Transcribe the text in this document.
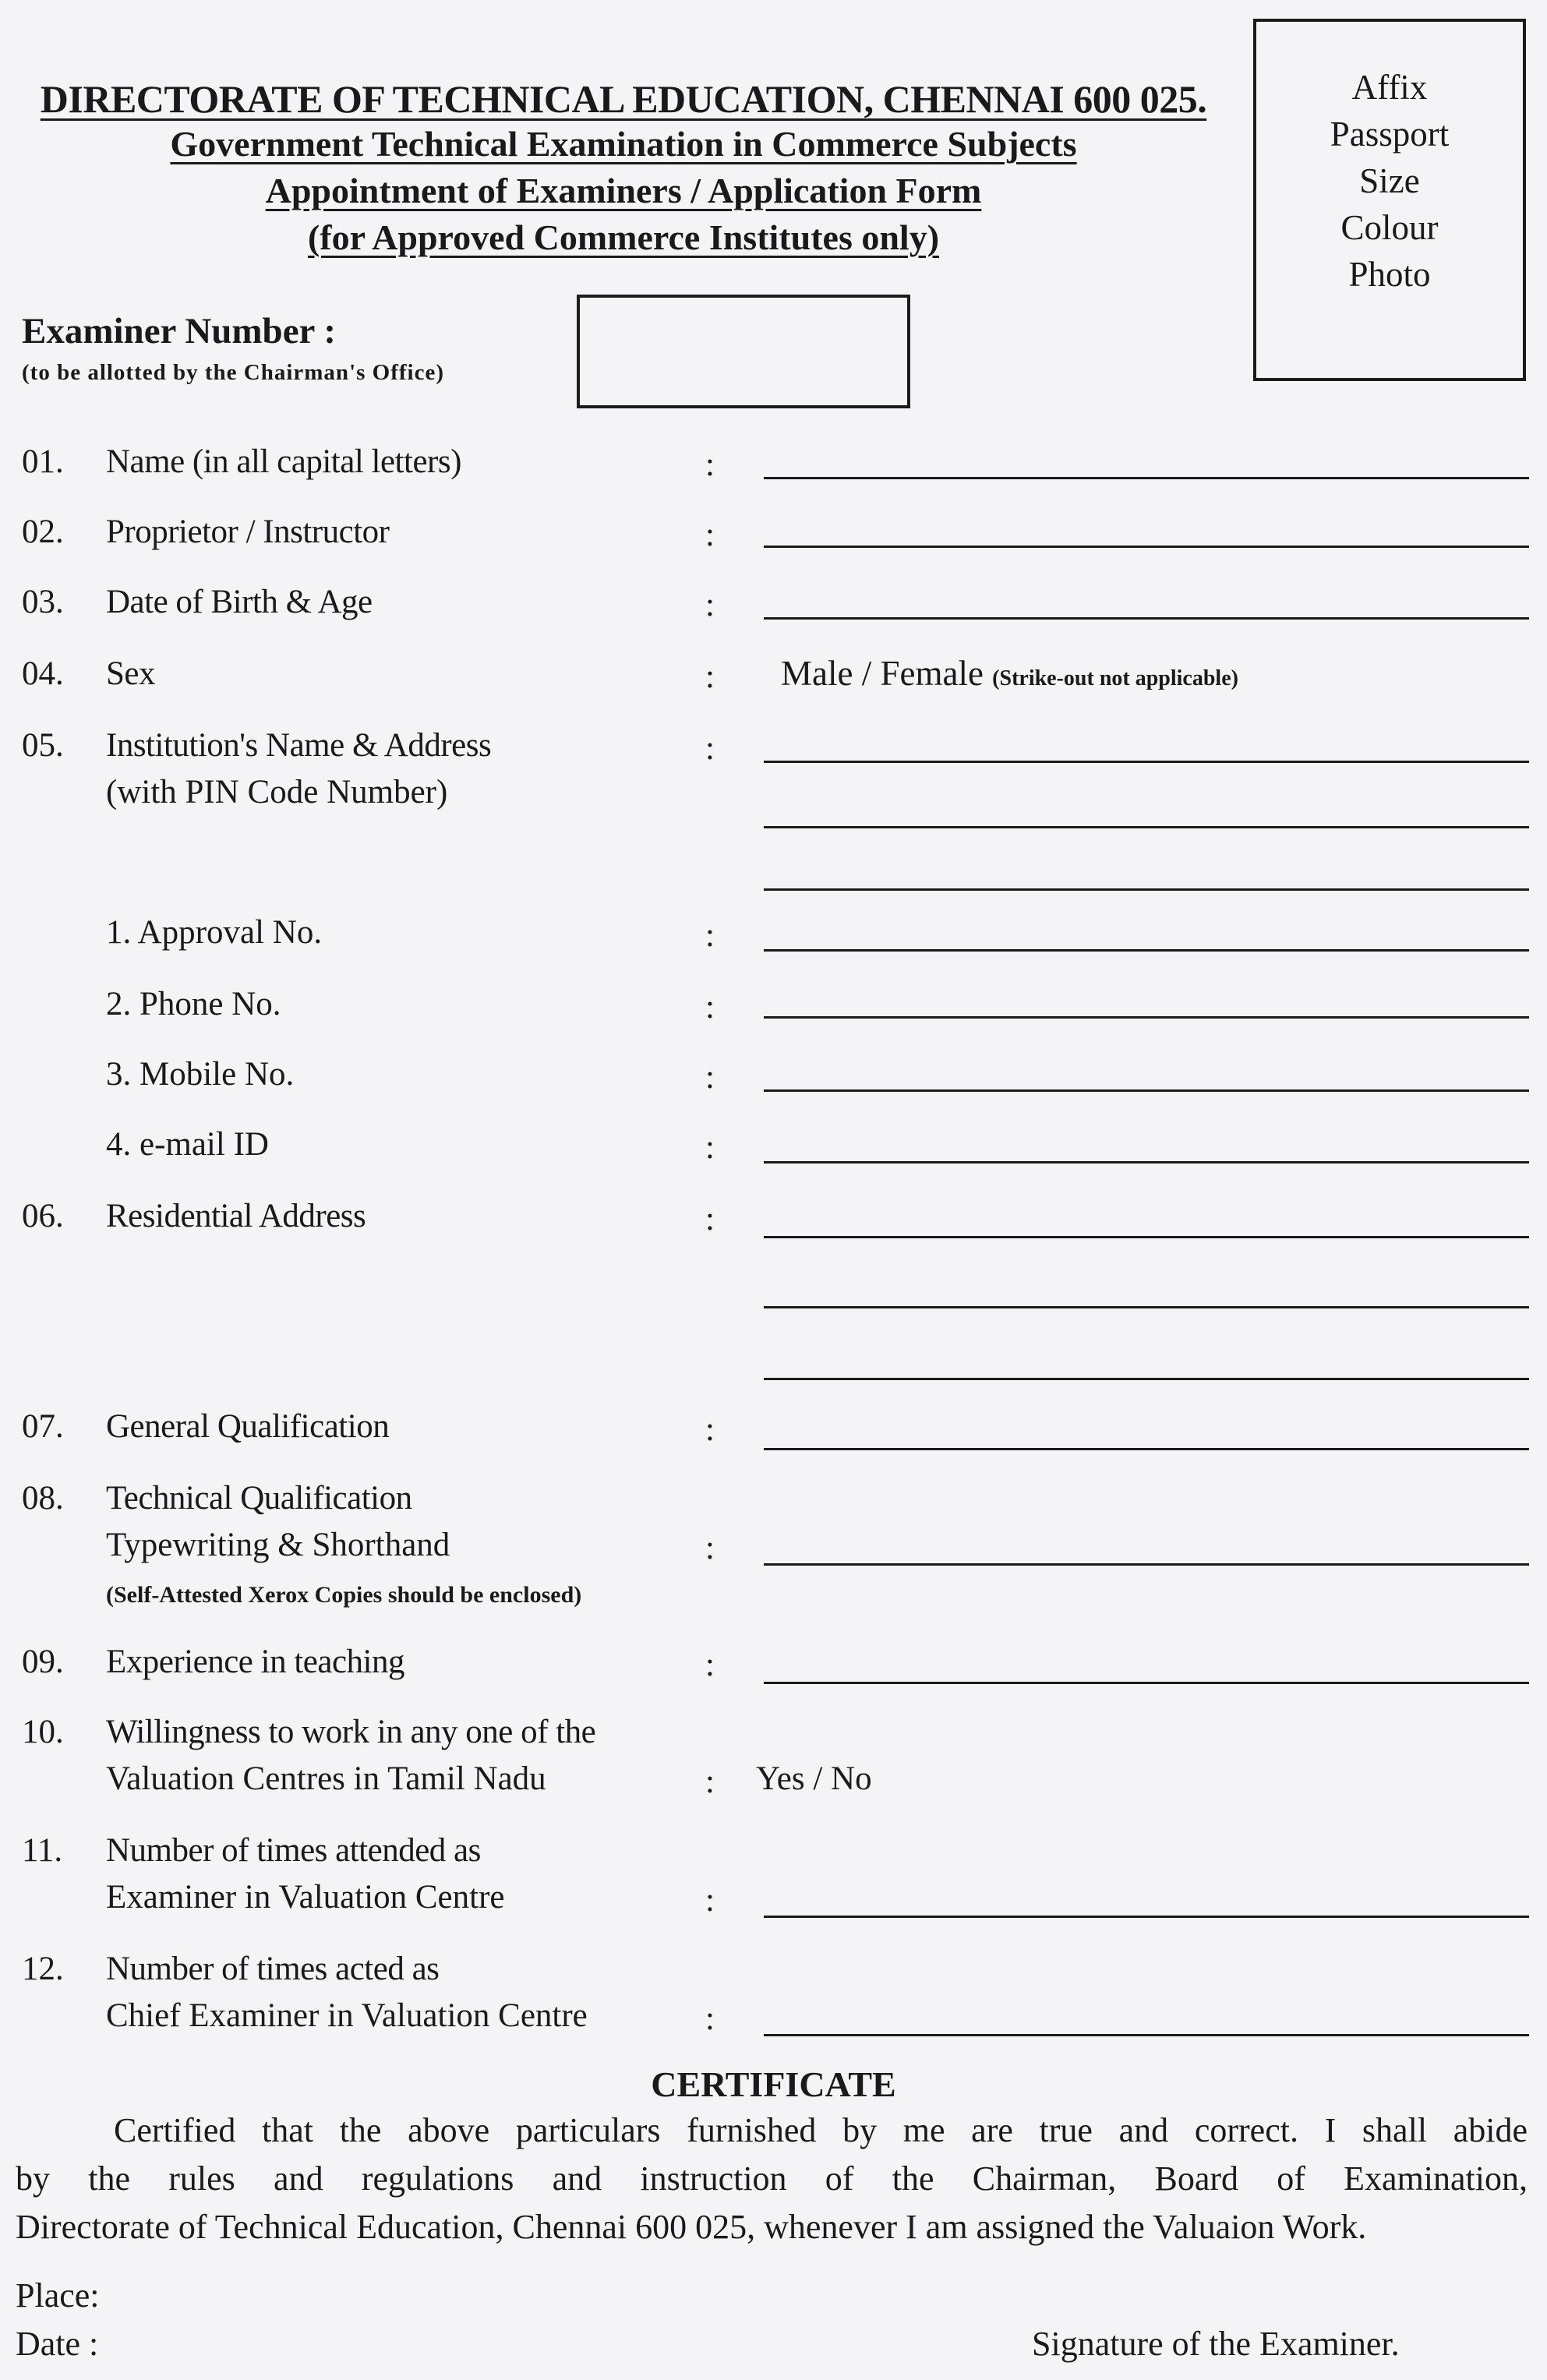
Affix
Passport
Size
Colour
Photo
DIRECTORATE OF TECHNICAL EDUCATION, CHENNAI 600 025.
Government Technical Examination in Commerce Subjects
Appointment of Examiners / Application Form
(for Approved Commerce Institutes only)
Examiner Number :
(to be allotted by the Chairman's Office)
01. Name (in all capital letters)	:
02. Proprietor / Instructor	:
03. Date of Birth & Age	:
04. Sex	: Male / Female (Strike-out not applicable)
05. Institution's Name & Address
(with PIN Code Number)
:
1. Approval No.	:
2. Phone No.	:
3. Mobile No.	:
4. e-mail ID	:
06. Residential Address	:
07. General Qualification	:
08. Technical Qualification
Typewriting & Shorthand
(Self-Attested Xerox Copies should be enclosed)
:
09. Experience in teaching	:
10. Willingness to work in any one of the
Valuation Centres in Tamil Nadu	: Yes / No
11. Number of times attended as
Examiner in Valuation Centre	:
12. Number of times acted as
Chief Examiner in Valuation Centre	:
CERTIFICATE
Certified that the above particulars furnished by me are true and correct. I shall abide
by the rules and regulations and instruction of the Chairman, Board of Examination,
Directorate of Technical Education, Chennai 600 025, whenever I am assigned the Valuaion Work.
Place:
Date :	Signature of the Examiner.
